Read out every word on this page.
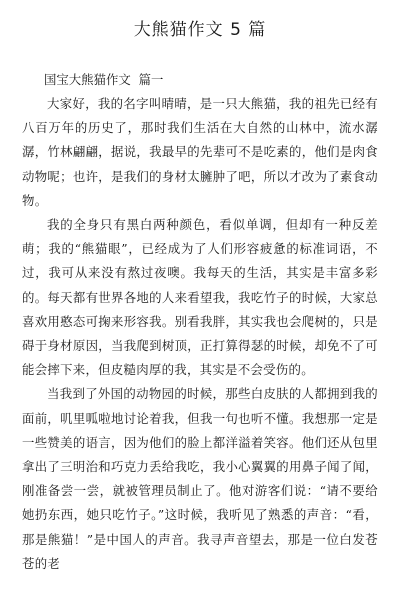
大熊猫作文 5 篇
国宝大熊猫作文  篇一

大家好，我的名字叫晴晴，是一只大熊猫，我的祖先已经有八百万年的历史了，那时我们生活在大自然的山林中，流水潺潺，竹林翩翩，据说，我最早的先辈可不是吃素的，他们是肉食动物呢；也许，是我们的身材太臃肿了吧，所以才改为了素食动物。

我的全身只有黑白两种颜色，看似单调，但却有一种反差萌；我的“熊猫眼”，已经成为了人们形容疲惫的标准词语，不过，我可从来没有熬过夜噢。我每天的生活，其实是丰富多彩的。每天都有世界各地的人来看望我，我吃竹子的时候，大家总喜欢用憨态可掬来形容我。别看我胖，其实我也会爬树的，只是碍于身材原因，当我爬到树顶，正打算得瑟的时候，却免不了可能会摔下来，但皮糙肉厚的我，其实是不会受伤的。

当我到了外国的动物园的时候，那些白皮肤的人都拥到我的面前，叽里呱啦地讨论着我，但我一句也听不懂。我想那一定是一些赞美的语言，因为他们的脸上都洋溢着笑容。他们还从包里拿出了三明治和巧克力丢给我吃，我小心翼翼的用鼻子闻了闻，刚准备尝一尝，就被管理员制止了。他对游客们说：“请不要给她扔东西，她只吃竹子。”这时候，我听见了熟悉的声音：“看，那是熊猫！”是中国人的声音。我寻声音望去，那是一位白发苍苍的老
